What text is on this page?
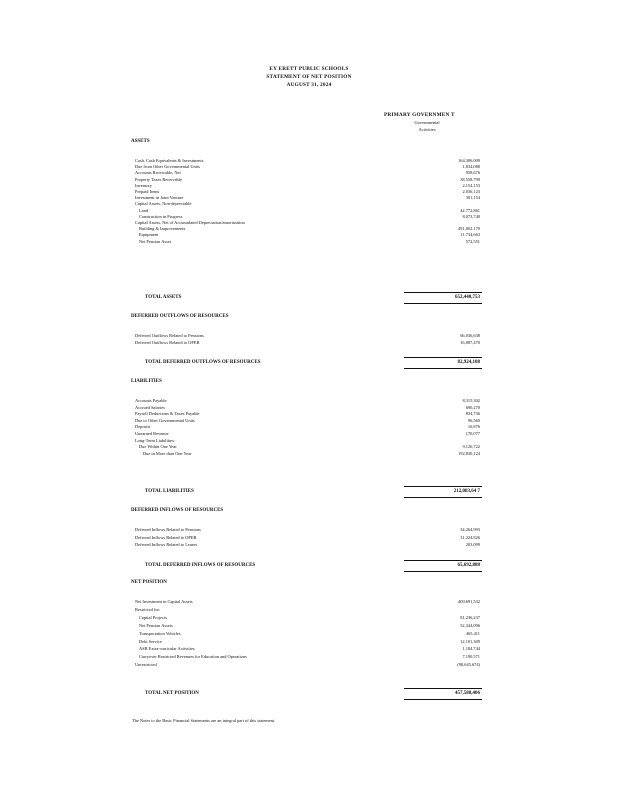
EY ERETT PUBLIC SCHOOLS
STATEMENT OF NET POSITION
AUGUST 31, 2024
PRIMARY GOVERNMEN T
Governmental
Activities
ASSETS
Cash, Cash Equivalents & Investments	164,306,009
Due from Other Governmental Units	1,834,088
Accounts Receivable, Net	958,676
Property Taxes Receivable	38,558,799
Inventory	2,154,153
Prepaid Items	2,036,123
Investment in Joint Venture	301,154
Capital Assets, Non-depreciable
Land	42,772,861
Construction in Progress	8,073,740
Capital Assets, Net of Accumulated Depreciation/amortization
Building & Improvements	491,002,170
Equipment	11,734,663
Net Pension Asset	572,551
TOTAL ASSETS	652,440,753
DEFERRED OUTFLOWS OF RESOURCES
Deferred Outflows Related to Pensions	66,036,638
Deferred Outflows Related to OPEB	16,887,470
TOTAL DEFERRED OUTFLOWS OF RESOURCES	82,924,108
LIABILITIES
Accounts Payable	8,315,302
Accrued Salaries	690,270
Payroll Deductions & Taxes Payable	834,736
Due to Other Governmental Units	96,560
Deposits	16,876
Unearned Revenue	170,077
Long-Term Liabilities:
Due Within One Year	9,126,722
Due in More than One Year	192,830,124
TOTAL LIABILITIES	212,083,64 7
DEFERRED INFLOWS OF RESOURCES
Deferred Inflows Related to Pensions	34,264,993
Deferred Inflows Related to OPEB	31,224,826
Deferred Inflows Related to Leases	203,099
TOTAL DEFERRED INFLOWS OF RESOURCES	65,692,888
NET POSITION
Net Investment in Capital Assets	400,691,532
Restricted for:
Capital Projects	81,236,237
Net Pension Assets	52,344,096
Transportation Vehicles	465,411
Debt Service	12,101,309
ASB Extra-curricular Activities	1,184,744
Carryover Restricted Revenues for Education and Operations	7,190,571
Unrestricted	(98,645,674)
TOTAL NET POSITION	457,588,406
The Notes to the Basic Financial Statements are an integral part of this statement.
